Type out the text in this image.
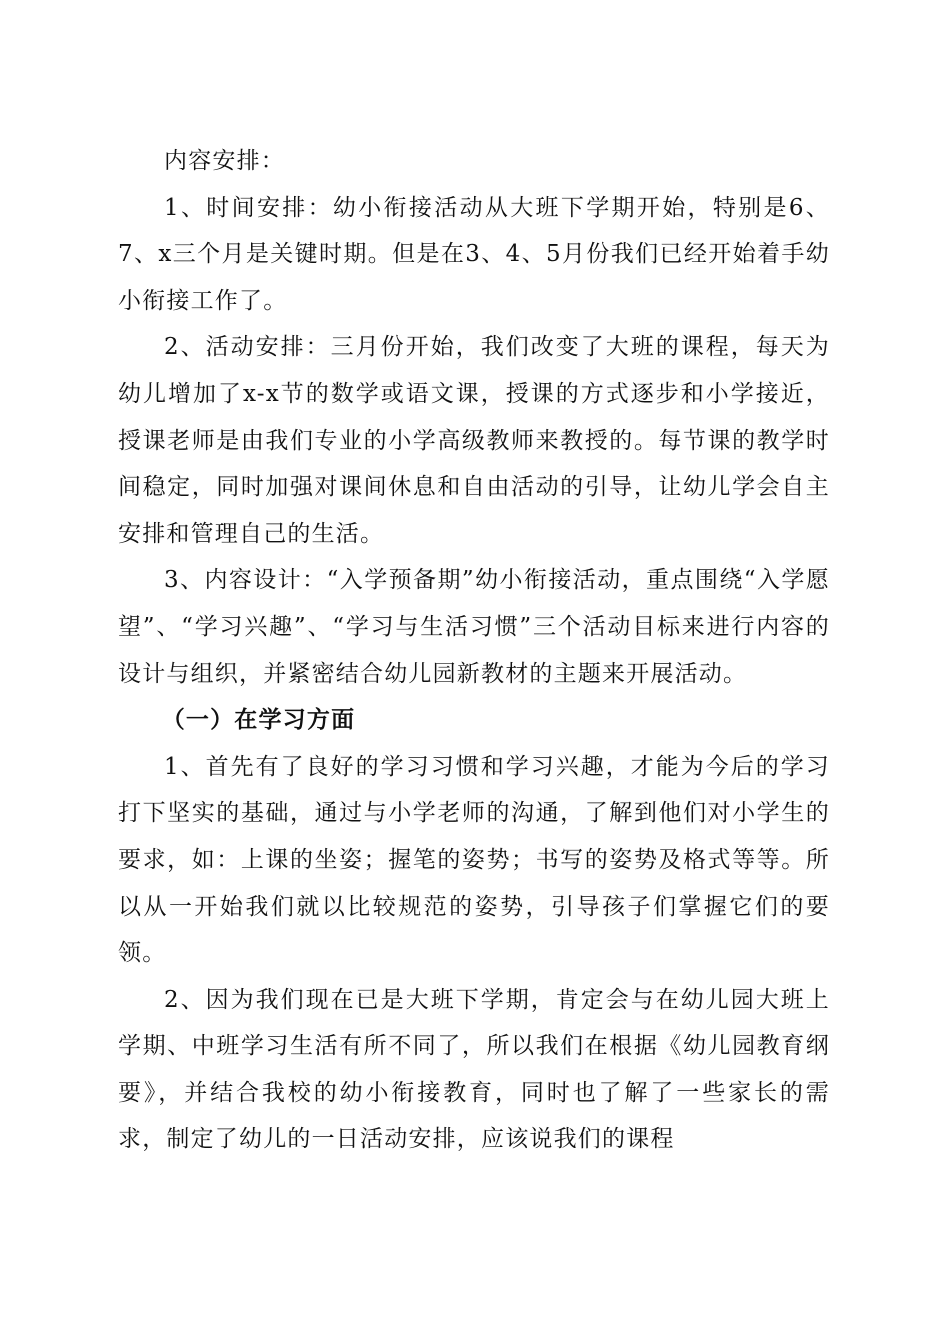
内容安排：

1、时间安排：幼小衔接活动从大班下学期开始，特别是6、7、x三个月是关键时期。但是在3、4、5月份我们已经开始着手幼小衔接工作了。

2、活动安排：三月份开始，我们改变了大班的课程，每天为幼儿增加了x-x节的数学或语文课，授课的方式逐步和小学接近，授课老师是由我们专业的小学高级教师来教授的。每节课的教学时间稳定，同时加强对课间休息和自由活动的引导，让幼儿学会自主安排和管理自己的生活。

3、内容设计：“入学预备期”幼小衔接活动，重点围绕“入学愿望”、“学习兴趣”、“学习与生活习惯”三个活动目标来进行内容的设计与组织，并紧密结合幼儿园新教材的主题来开展活动。

（一）在学习方面

1、首先有了良好的学习习惯和学习兴趣，才能为今后的学习打下坚实的基础，通过与小学老师的沟通，了解到他们对小学生的要求，如：上课的坐姿；握笔的姿势；书写的姿势及格式等等。所以从一开始我们就以比较规范的姿势，引导孩子们掌握它们的要领。

2、因为我们现在已是大班下学期，肯定会与在幼儿园大班上学期、中班学习生活有所不同了，所以我们在根据《幼儿园教育纲要》，并结合我校的幼小衔接教育，同时也了解了一些家长的需求，制定了幼儿的一日活动安排，应该说我们的课程
